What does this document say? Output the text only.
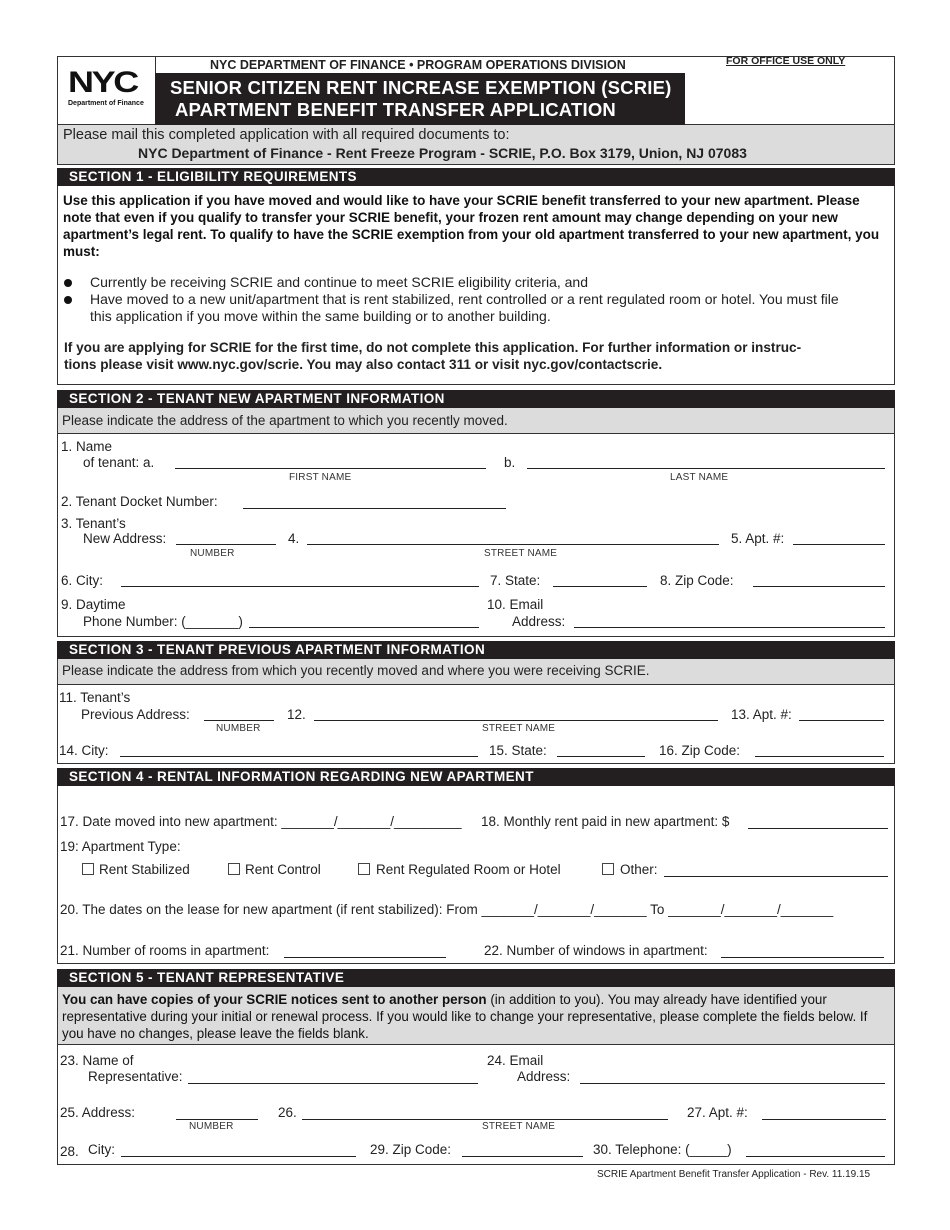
NYC
Department of Finance
NYC DEPARTMENT OF FINANCE • PROGRAM OPERATIONS DIVISION
SENIOR CITIZEN RENT INCREASE EXEMPTION (SCRIE)
APARTMENT BENEFIT TRANSFER APPLICATION
FOR OFFICE USE ONLY
Please mail this completed application with all required documents to:
NYC Department of Finance - Rent Freeze Program - SCRIE, P.O. Box 3179, Union, NJ 07083
SECTION 1 - ELIGIBILITY REQUIREMENTS
Use this application if you have moved and would like to have your SCRIE benefit transferred to your new apartment. Please note that even if you qualify to transfer your SCRIE benefit, your frozen rent amount may change depending on your new apartment’s legal rent. To qualify to have the SCRIE exemption from your old apartment transferred to your new apartment, you must:
Currently be receiving SCRIE and continue to meet SCRIE eligibility criteria, and
Have moved to a new unit/apartment that is rent stabilized, rent controlled or a rent regulated room or hotel. You must file
this application if you move within the same building or to another building.
If you are applying for SCRIE for the first time, do not complete this application. For further information or instruc-
tions please visit www.nyc.gov/scrie. You may also contact 311 or visit nyc.gov/contactscrie.
SECTION 2 - TENANT NEW APARTMENT INFORMATION
Please indicate the address of the apartment to which you recently moved.
1. Name
of tenant: a.	b.
FIRST NAME	LAST NAME
2. Tenant Docket Number:
3. Tenant’s
New Address:	4.	5. Apt. #:
NUMBER	STREET NAME
6. City:	7. State:	8. Zip Code:
9. Daytime
Phone Number: (_______)
10. Email
Address:
SECTION 3 - TENANT PREVIOUS APARTMENT INFORMATION
Please indicate the address from which you recently moved and where you were receiving SCRIE.
11. Tenant’s
Previous Address:	12.	13. Apt. #:
NUMBER	STREET NAME
14. City:	15. State:	16. Zip Code:
SECTION 4 - RENTAL INFORMATION REGARDING NEW APARTMENT
17. Date moved into new apartment: _______/_______/_________ 18. Monthly rent paid in new apartment: $
19: Apartment Type:
Rent Stabilized	Rent Control	Rent Regulated Room or Hotel	Other:
20. The dates on the lease for new apartment (if rent stabilized): From _______/_______/_______ To _______/_______/_______
21. Number of rooms in apartment:	22. Number of windows in apartment:
SECTION 5 - TENANT REPRESENTATIVE
You can have copies of your SCRIE notices sent to another person (in addition to you). You may already have identified your representative during your initial or renewal process. If you would like to change your representative, please complete the fields below. If you have no changes, please leave the fields blank.
23. Name of
Representative:
24. Email
Address:
25. Address:	26.	27. Apt. #:
NUMBER	STREET NAME
28. City:	29. Zip Code:	30. Telephone: (_____)
SCRIE Apartment Benefit Transfer Application - Rev. 11.19.15
